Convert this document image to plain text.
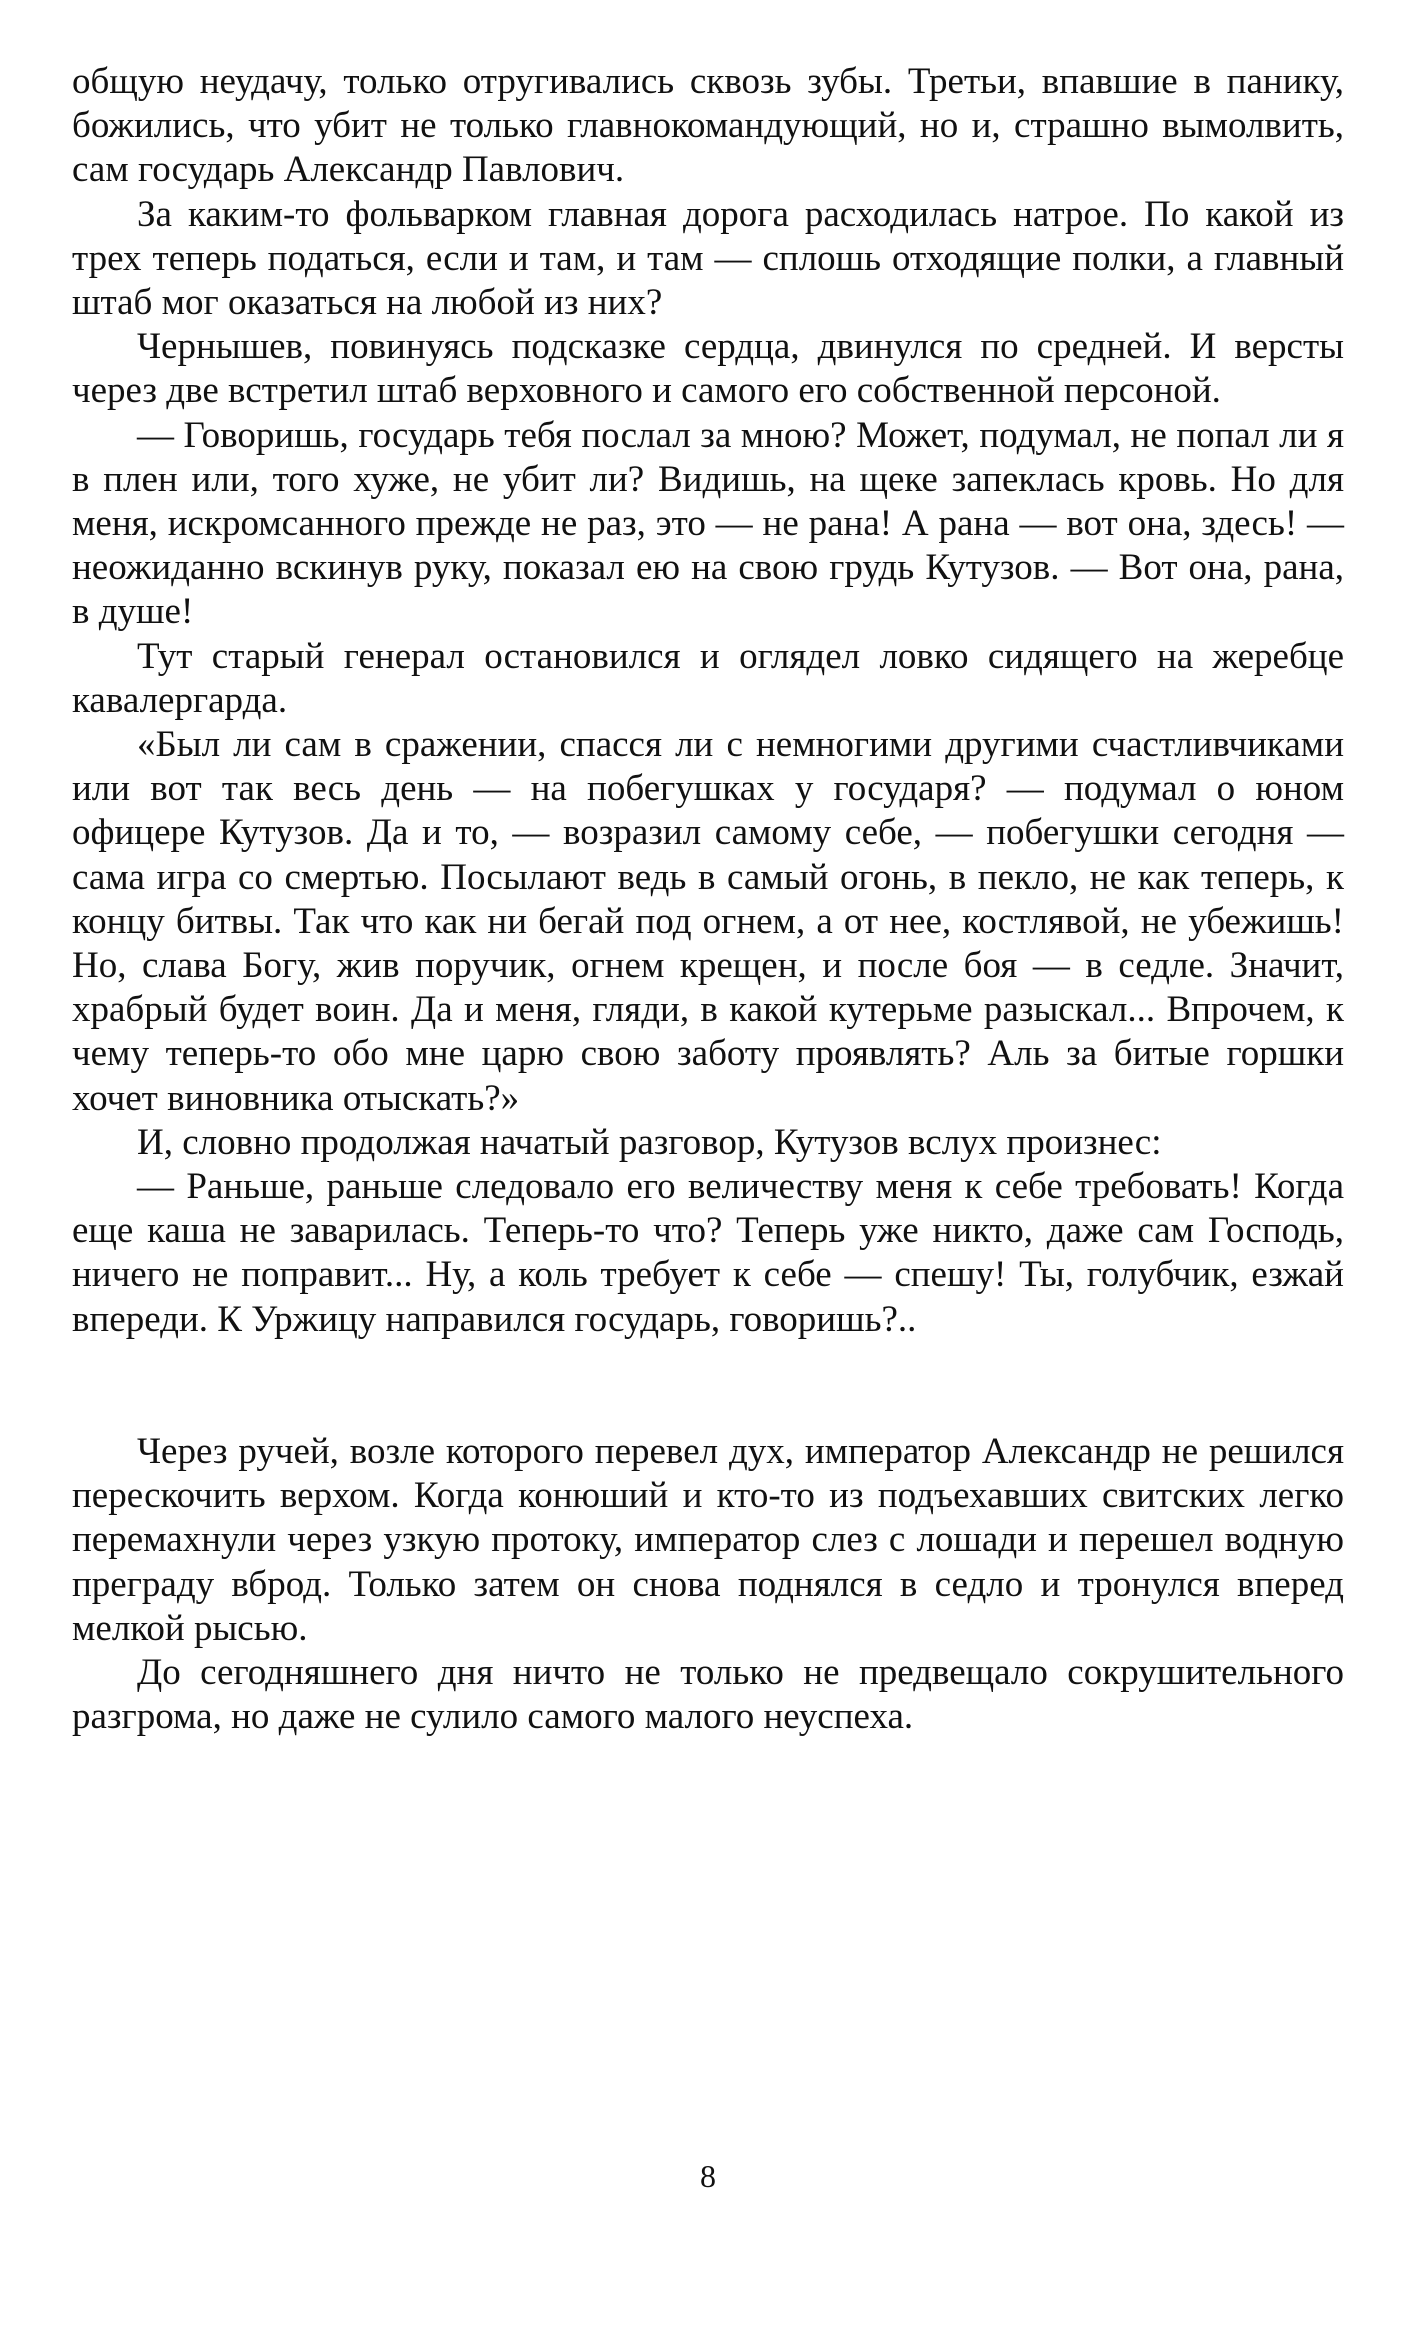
общую неудачу, только отругивались сквозь зубы. Третьи, впавшие в панику, божились, что убит не только главнокомандующий, но и, страшно вымолвить, сам государь Александр Павлович.

За каким-то фольварком главная дорога расходилась натрое. По какой из трех теперь податься, если и там, и там — сплошь отходящие полки, а главный штаб мог оказаться на любой из них?

Чернышев, повинуясь подсказке сердца, двинулся по средней. И версты через две встретил штаб верховного и самого его собственной персоной.

— Говоришь, государь тебя послал за мною? Может, подумал, не попал ли я в плен или, того хуже, не убит ли? Видишь, на щеке запеклась кровь. Но для меня, искромсанного прежде не раз, это — не рана! А рана — вот она, здесь! — неожиданно вскинув руку, показал ею на свою грудь Кутузов. — Вот она, рана, в душе!

Тут старый генерал остановился и оглядел ловко сидящего на жеребце кавалергарда.

«Был ли сам в сражении, спасся ли с немногими другими счастливчиками или вот так весь день — на побегушках у государя? — подумал о юном офицере Кутузов. Да и то, — возразил самому себе, — побегушки сегодня — сама игра со смертью. Посылают ведь в самый огонь, в пекло, не как теперь, к концу битвы. Так что как ни бегай под огнем, а от нее, костлявой, не убежишь! Но, слава Богу, жив поручик, огнем крещен, и после боя — в седле. Значит, храбрый будет воин. Да и меня, гляди, в какой кутерьме разыскал... Впрочем, к чему теперь-то обо мне царю свою заботу проявлять? Аль за битые горшки хочет виновника отыскать?»

И, словно продолжая начатый разговор, Кутузов вслух произнес:

— Раньше, раньше следовало его величеству меня к себе требовать! Когда еще каша не заварилась. Теперь-то что? Теперь уже никто, даже сам Господь, ничего не поправит... Ну, а коль требует к себе — спешу! Ты, голубчик, езжай впереди. К Уржицу направился государь, говоришь?..

Через ручей, возле которого перевел дух, император Александр не решился перескочить верхом. Когда конюший и кто-то из подъехавших свитских легко перемахнули через узкую протоку, император слез с лошади и перешел водную преграду вброд. Только затем он снова поднялся в седло и тронулся вперед мелкой рысью.

До сегодняшнего дня ничто не только не предвещало сокрушительного разгрома, но даже не сулило самого малого неуспеха.

8
